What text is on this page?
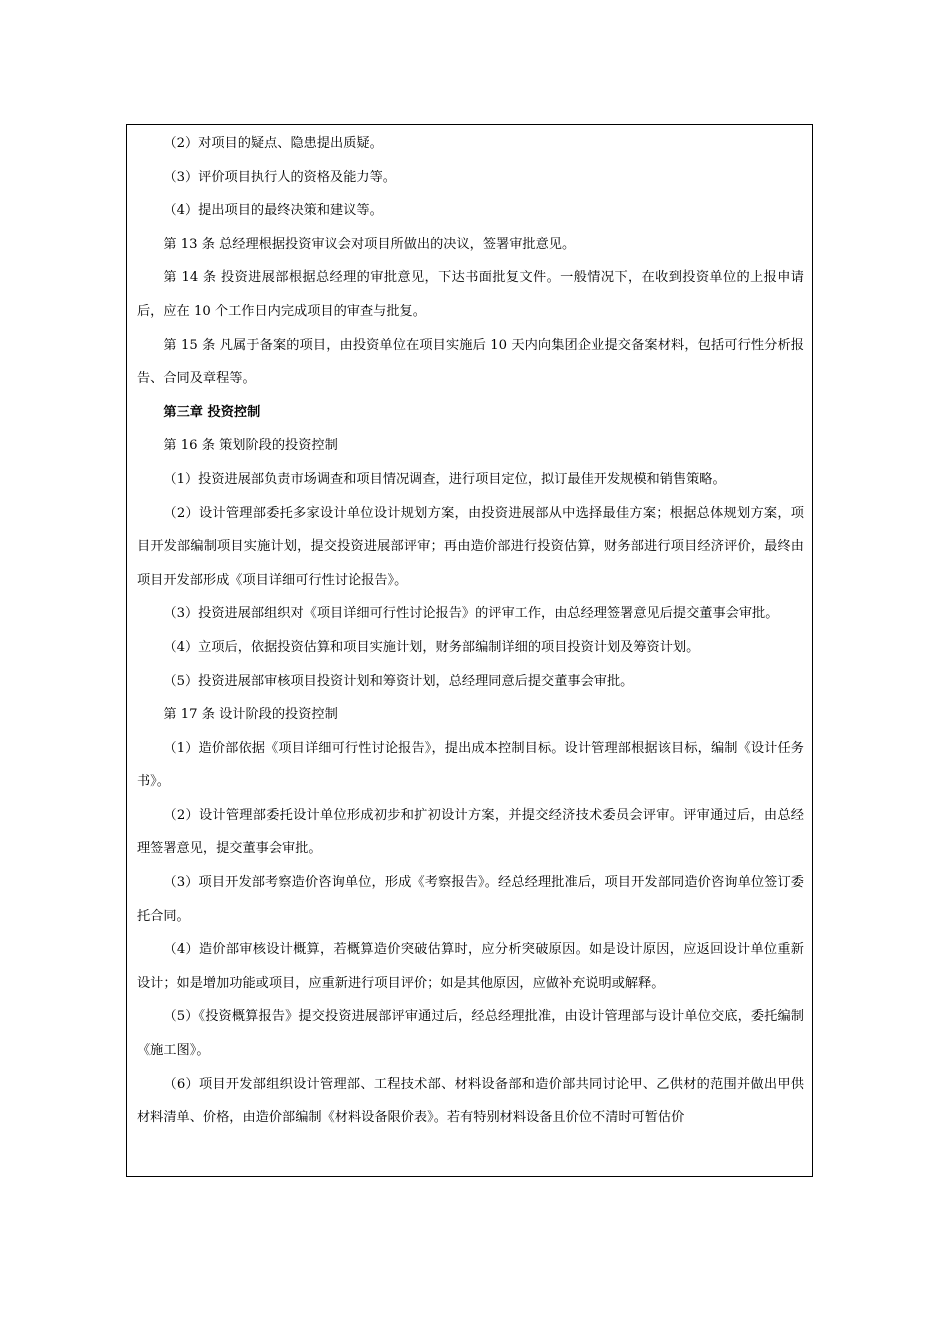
（2）对项目的疑点、隐患提出质疑。

（3）评价项目执行人的资格及能力等。

（4）提出项目的最终决策和建议等。

第 13 条 总经理根据投资审议会对项目所做出的决议，签署审批意见。

第 14 条 投资进展部根据总经理的审批意见，下达书面批复文件。一般情况下，在收到投资单位的上报申请后，应在 10 个工作日内完成项目的审查与批复。

第 15 条 凡属于备案的项目，由投资单位在项目实施后 10 天内向集团企业提交备案材料，包括可行性分析报告、合同及章程等。

第三章 投资控制

第 16 条 策划阶段的投资控制

（1）投资进展部负责市场调查和项目情况调查，进行项目定位，拟订最佳开发规模和销售策略。

（2）设计管理部委托多家设计单位设计规划方案，由投资进展部从中选择最佳方案；根据总体规划方案，项目开发部编制项目实施计划，提交投资进展部评审；再由造价部进行投资估算，财务部进行项目经济评价，最终由项目开发部形成《项目详细可行性讨论报告》。

（3）投资进展部组织对《项目详细可行性讨论报告》的评审工作，由总经理签署意见后提交董事会审批。

（4）立项后，依据投资估算和项目实施计划，财务部编制详细的项目投资计划及筹资计划。

（5）投资进展部审核项目投资计划和筹资计划，总经理同意后提交董事会审批。

第 17 条 设计阶段的投资控制

（1）造价部依据《项目详细可行性讨论报告》，提出成本控制目标。设计管理部根据该目标，编制《设计任务书》。

（2）设计管理部委托设计单位形成初步和扩初设计方案，并提交经济技术委员会评审。评审通过后，由总经理签署意见，提交董事会审批。

（3）项目开发部考察造价咨询单位，形成《考察报告》。经总经理批准后，项目开发部同造价咨询单位签订委托合同。

（4）造价部审核设计概算，若概算造价突破估算时，应分析突破原因。如是设计原因，应返回设计单位重新设计；如是增加功能或项目，应重新进行项目评价；如是其他原因，应做补充说明或解释。

（5）《投资概算报告》提交投资进展部评审通过后，经总经理批准，由设计管理部与设计单位交底，委托编制《施工图》。

（6）项目开发部组织设计管理部、工程技术部、材料设备部和造价部共同讨论甲、乙供材的范围并做出甲供材料清单、价格，由造价部编制《材料设备限价表》。若有特别材料设备且价位不清时可暂估价
